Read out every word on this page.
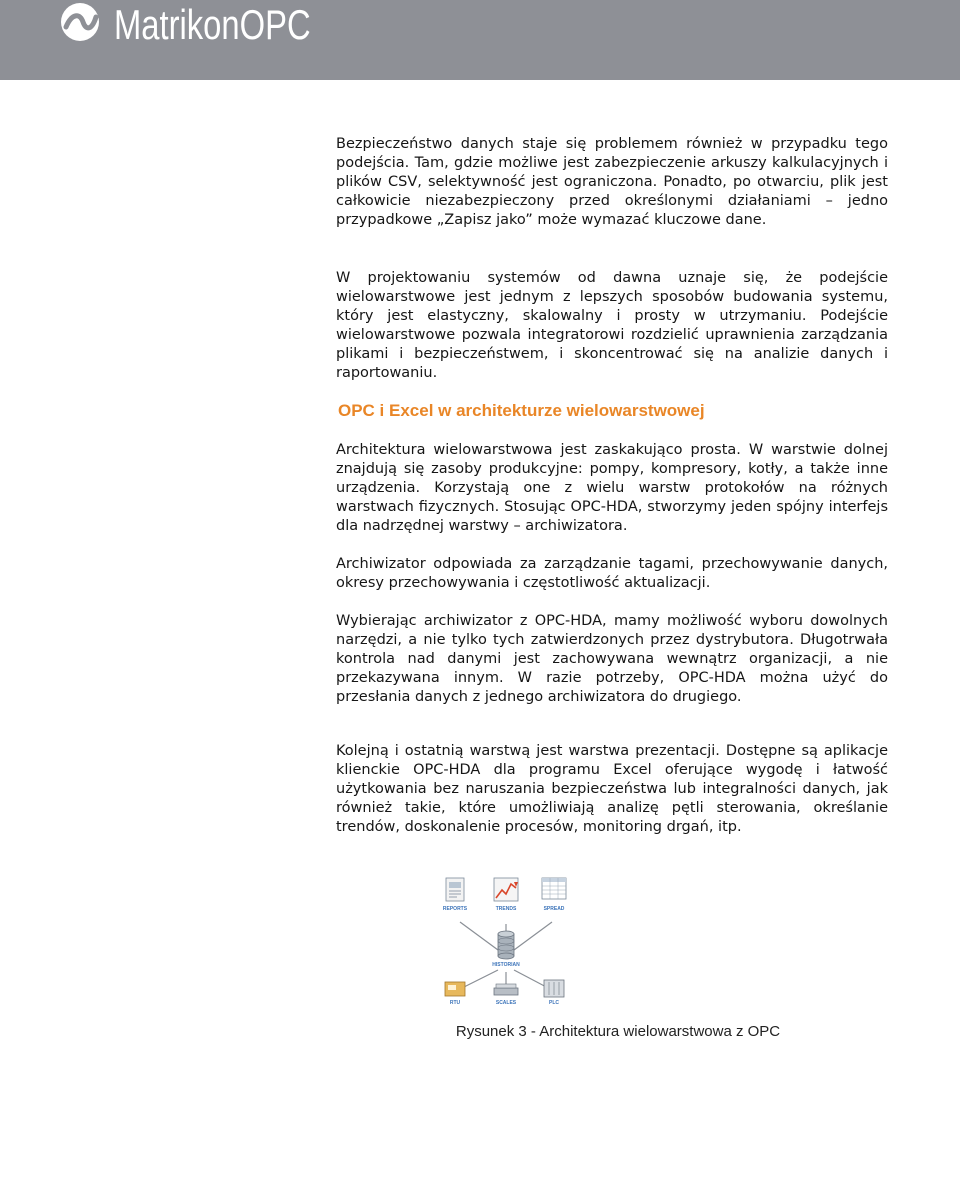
MatrikonOPC

Bezpieczeństwo danych staje się problemem również w przypadku tego podejścia. Tam, gdzie możliwe jest zabezpieczenie arkuszy kalkulacyjnych i plików CSV, selektywność jest ograniczona. Ponadto, po otwarciu, plik jest całkowicie niezabezpieczony przed określonymi działaniami – jedno przypadkowe „Zapisz jako” może wymazać kluczowe dane.

W projektowaniu systemów od dawna uznaje się, że podejście wielowarstwowe jest jednym z lepszych sposobów budowania systemu, który jest elastyczny, skalowalny i prosty w utrzymaniu. Podejście wielowarstwowe pozwala integratorowi rozdzielić uprawnienia zarządzania plikami i bezpieczeństwem, i skoncentrować się na analizie danych i raportowaniu.

OPC i Excel w architekturze wielowarstwowej

Architektura wielowarstwowa jest zaskakująco prosta. W warstwie dolnej znajdują się zasoby produkcyjne: pompy, kompresory, kotły, a także inne urządzenia. Korzystają one z wielu warstw protokołów na różnych warstwach fizycznych. Stosując OPC-HDA, stworzymy jeden spójny interfejs dla nadrzędnej warstwy – archiwizatora.

Archiwizator odpowiada za zarządzanie tagami, przechowywanie danych, okresy przechowywania i częstotliwość aktualizacji.

Wybierając archiwizator z OPC-HDA, mamy możliwość wyboru dowolnych narzędzi, a nie tylko tych zatwierdzonych przez dystrybutora. Długotrwała kontrola nad danymi jest zachowywana wewnątrz organizacji, a nie przekazywana innym. W razie potrzeby, OPC-HDA można użyć do przesłania danych z jednego archiwizatora do drugiego.

Kolejną i ostatnią warstwą jest warstwa prezentacji. Dostępne są aplikacje klienckie OPC-HDA dla programu Excel oferujące wygodę i łatwość użytkowania bez naruszania bezpieczeństwa lub integralności danych, jak również takie, które umożliwiają analizę pętli sterowania, określanie trendów, doskonalenie procesów, monitoring drgań, itp.

REPORTS	TRENDS	SPREAD
HISTORIAN
RTU	SCALES	PLC
Rysunek 3 - Architektura wielowarstwowa z OPC
